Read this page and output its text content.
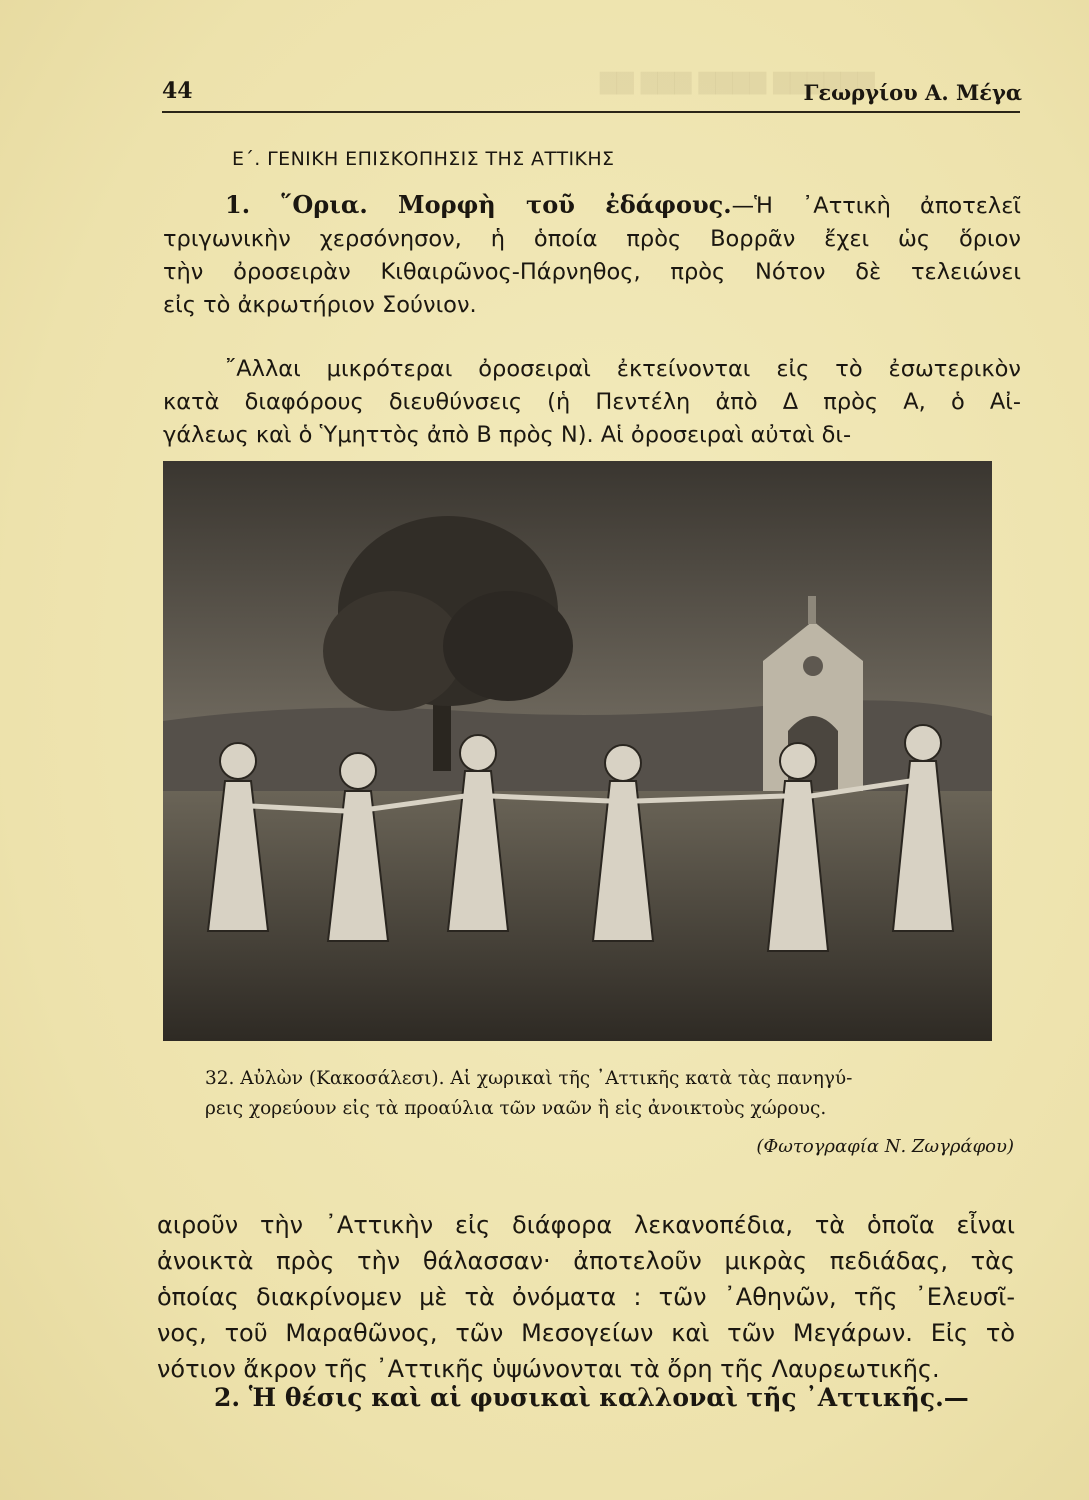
▇▇ ▇▇▇ ▇▇▇▇ ▇▇▇▇▇▇
44	Γεωργίου Α. Μέγα
Ε΄. ΓΕΝΙΚΗ ΕΠΙΣΚΟΠΗΣΙΣ ΤΗΣ ΑΤΤΙΚΗΣ
1. ῞Ορια. Μορφὴ τοῦ ἐδάφους.—Ἡ ᾿Αττικὴ ἀποτελεῖ
τριγωνικὴν χερσόνησον, ἡ ὁποία πρὸς Βορρᾶν ἔχει ὡς ὅριον
τὴν ὀροσειρὰν Κιθαιρῶνος-Πάρνηθος, πρὸς Νότον δὲ τελειώνει
εἰς τὸ ἀκρωτήριον Σούνιον.
῎Αλλαι μικρότεραι ὀροσειραὶ ἐκτείνονται εἰς τὸ ἐσωτερικὸν
κατὰ διαφόρους διευθύνσεις (ἡ Πεντέλη ἀπὸ Δ πρὸς Α, ὁ Αἰ-
γάλεως καὶ ὁ Ὑμηττὸς ἀπὸ Β πρὸς Ν). Αἱ ὀροσειραὶ αὐταὶ δι-
32. Αὐλὼν (Κακοσάλεσι). Αἱ χωρικαὶ τῆς ᾿Αττικῆς κατὰ τὰς πανηγύ-
ρεις χορεύουν εἰς τὰ προαύλια τῶν ναῶν ἢ εἰς ἀνοικτοὺς χώρους.
(Φωτογραφία Ν. Ζωγράφου)
αιροῦν τὴν ᾿Αττικὴν εἰς διάφορα λεκανοπέδια, τὰ ὁποῖα εἶναι
ἀνοικτὰ πρὸς τὴν θάλασσαν· ἀποτελοῦν μικρὰς πεδιάδας, τὰς
ὁποίας διακρίνομεν μὲ τὰ ὀνόματα : τῶν ᾿Αθηνῶν, τῆς ᾿Ελευσῖ-
νος, τοῦ Μαραθῶνος, τῶν Μεσογείων καὶ τῶν Μεγάρων. Εἰς τὸ
νότιον ἄκρον τῆς ᾿Αττικῆς ὑψώνονται τὰ ὄρη τῆς Λαυρεωτικῆς.
2. Ἡ θέσις καὶ αἱ φυσικαὶ καλλοναὶ τῆς ᾿Αττικῆς.—
